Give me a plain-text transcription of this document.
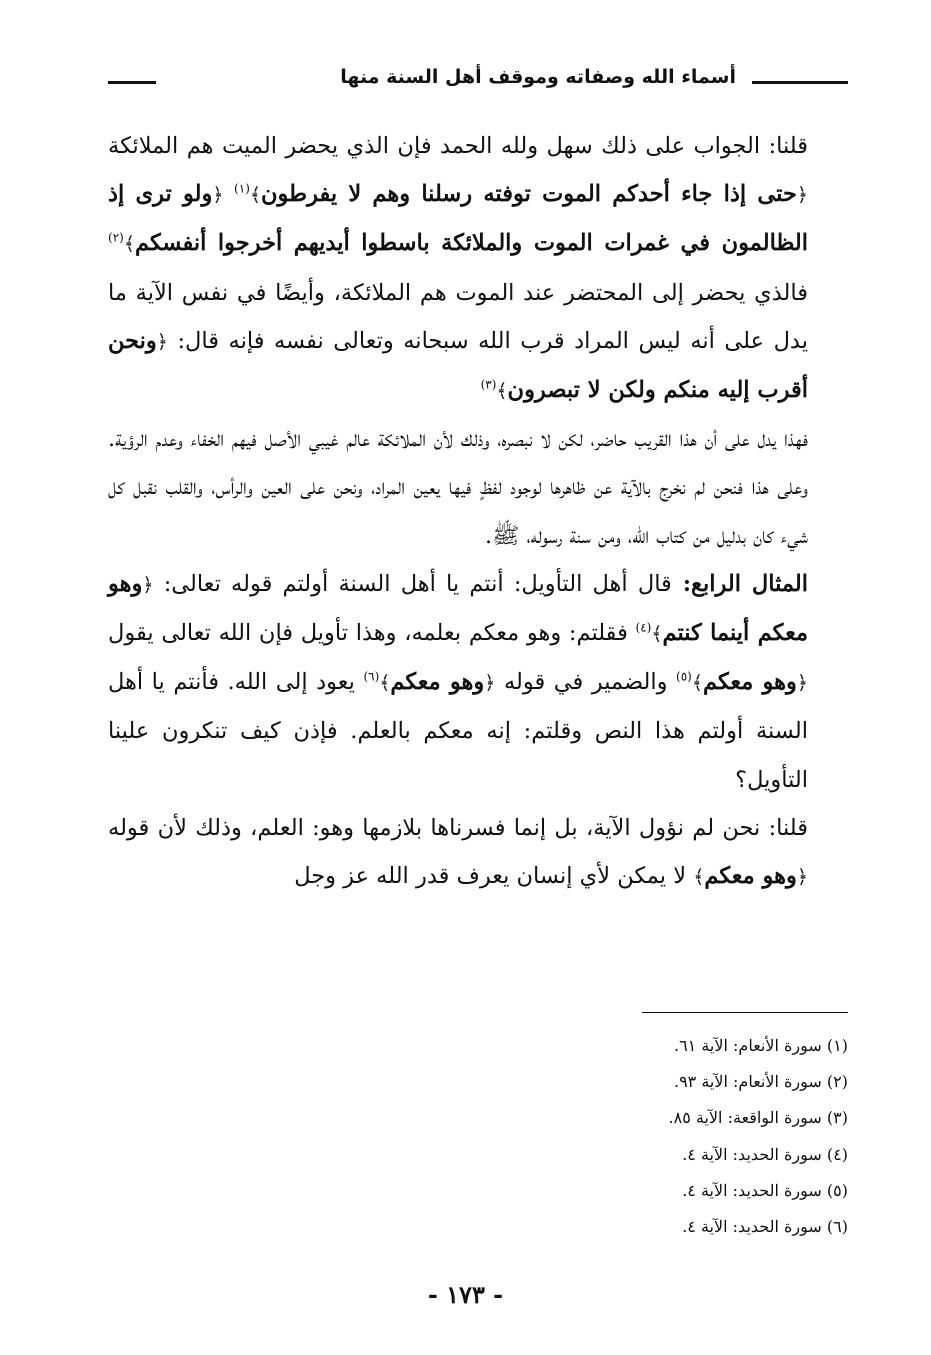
أسماء الله وصفاته وموقف أهل السنة منها

قلنا: الجواب على ذلك سهل ولله الحمد فإن الذي يحضر الميت هم الملائكة ﴿حتى إذا جاء أحدكم الموت توفته رسلنا وهم لا يفرطون﴾$^{(١)}$ ﴿ولو ترى إذ الظالمون في غمرات الموت والملائكة باسطوا أيديهم أخرجوا أنفسكم﴾$^{(٢)}$ فالذي يحضر إلى المحتضر عند الموت هم الملائكة، وأيضًا في نفس الآية ما يدل على أنه ليس المراد قرب الله سبحانه وتعالى نفسه فإنه قال: ﴿ونحن أقرب إليه منكم ولكن لا تبصرون﴾$^{(٣)}$

فهذا يدل على أن هذا القريب حاضر، لكن لا نبصره، وذلك لأن الملائكة عالم غيبي الأصل فيهم الخفاء وعدم الرؤية. وعلى هذا فنحن لم نخرج بالآية عن ظاهرها لوجود لفظٍ فيها يعين المراد، ونحن على العين والرأس، والقلب نقبل كل شيء كان بدليل من كتاب الله، ومن سنة رسوله، ﷺ.

المثال الرابع: قال أهل التأويل: أنتم يا أهل السنة أولتم قوله تعالى: ﴿وهو معكم أينما كنتم﴾$^{(٤)}$ فقلتم: وهو معكم بعلمه، وهذا تأويل فإن الله تعالى يقول ﴿وهو معكم﴾$^{(٥)}$ والضمير في قوله ﴿وهو معكم﴾$^{(٦)}$ يعود إلى الله. فأنتم يا أهل السنة أولتم هذا النص وقلتم: إنه معكم بالعلم. فإذن كيف تنكرون علينا التأويل؟

قلنا: نحن لم نؤول الآية، بل إنما فسرناها بلازمها وهو: العلم، وذلك لأن قوله ﴿وهو معكم﴾ لا يمكن لأي إنسان يعرف قدر الله عز وجل

(١) سورة الأنعام: الآية ٦١.

(٢) سورة الأنعام: الآية ٩٣.

(٣) سورة الواقعة: الآية ٨٥.

(٤) سورة الحديد: الآية ٤.

(٥) سورة الحديد: الآية ٤.

(٦) سورة الحديد: الآية ٤.

- ١٧٣ -
